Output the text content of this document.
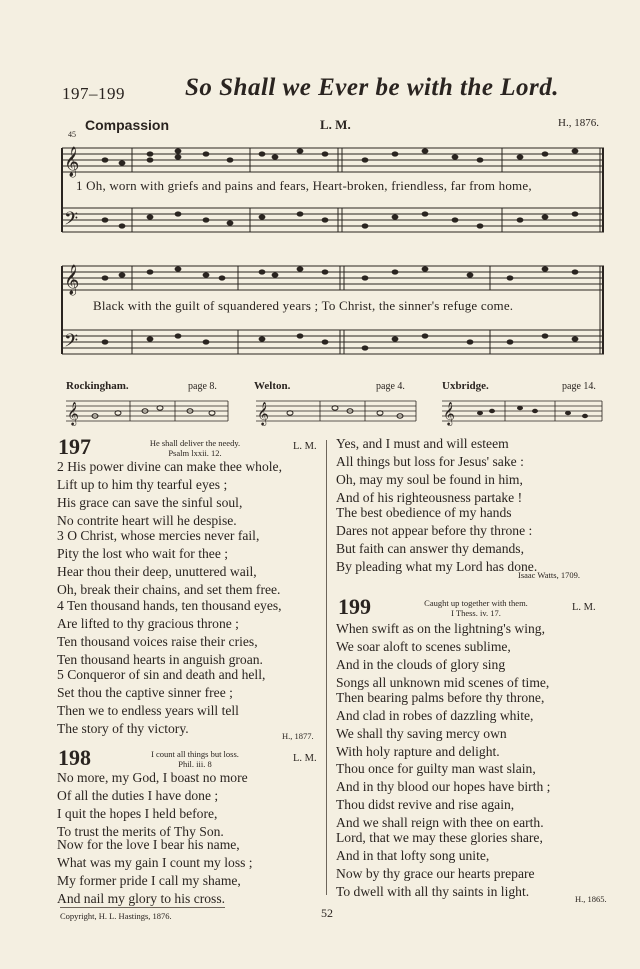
197–199 So Shall we Ever be with the Lord.
Compassion	L. M.	H., 1876.
45
𝄞
𝄢
1 Oh, worn with griefs and pains and fears, Heart-broken, friendless, far from home,
𝄞
𝄢
Black with the guilt of squandered years ; To Christ, the sinner's refuge come.
Rockingham.	page 8.	Welton.	page 4.	Uxbridge.	page 14.
𝄞	𝄞	𝄞
197	He shall deliver the needy.
Psalm lxxii. 12.
L. M.
2 His power divine can make thee whole,
Lift up to him thy tearful eyes ;
His grace can save the sinful soul,
No contrite heart will he despise.
3 O Christ, whose mercies never fail,
Pity the lost who wait for thee ;
Hear thou their deep, unuttered wail,
Oh, break their chains, and set them free.
4 Ten thousand hands, ten thousand eyes,
Are lifted to thy gracious throne ;
Ten thousand voices raise their cries,
Ten thousand hearts in anguish groan.
5 Conqueror of sin and death and hell,
Set thou the captive sinner free ;
Then we to endless years will tell
The story of thy victory.
H., 1877.
198	I count all things but loss.
Phil. iii. 8	L. M.
No more, my God, I boast no more
Of all the duties I have done ;
I quit the hopes I held before,
To trust the merits of Thy Son.
Now for the love I bear his name,
What was my gain I count my loss ;
My former pride I call my shame,
And nail my glory to his cross.
Yes, and I must and will esteem
All things but loss for Jesus' sake :
Oh, may my soul be found in him,
And of his righteousness partake !
The best obedience of my hands
Dares not appear before thy throne :
But faith can answer thy demands,
By pleading what my Lord has done.
Isaac Watts, 1709.
199	Caught up together with them.
I Thess. iv. 17.	L. M.
When swift as on the lightning's wing,
We soar aloft to scenes sublime,
And in the clouds of glory sing
Songs all unknown mid scenes of time,
Then bearing palms before thy throne,
And clad in robes of dazzling white,
We shall thy saving mercy own
With holy rapture and delight.
Thou once for guilty man wast slain,
And in thy blood our hopes have birth ;
Thou didst revive and rise again,
And we shall reign with thee on earth.
Lord, that we may these glories share,
And in that lofty song unite,
Now by thy grace our hearts prepare
To dwell with all thy saints in light.
H., 1865.
Copyright, H. L. Hastings, 1876.	52
